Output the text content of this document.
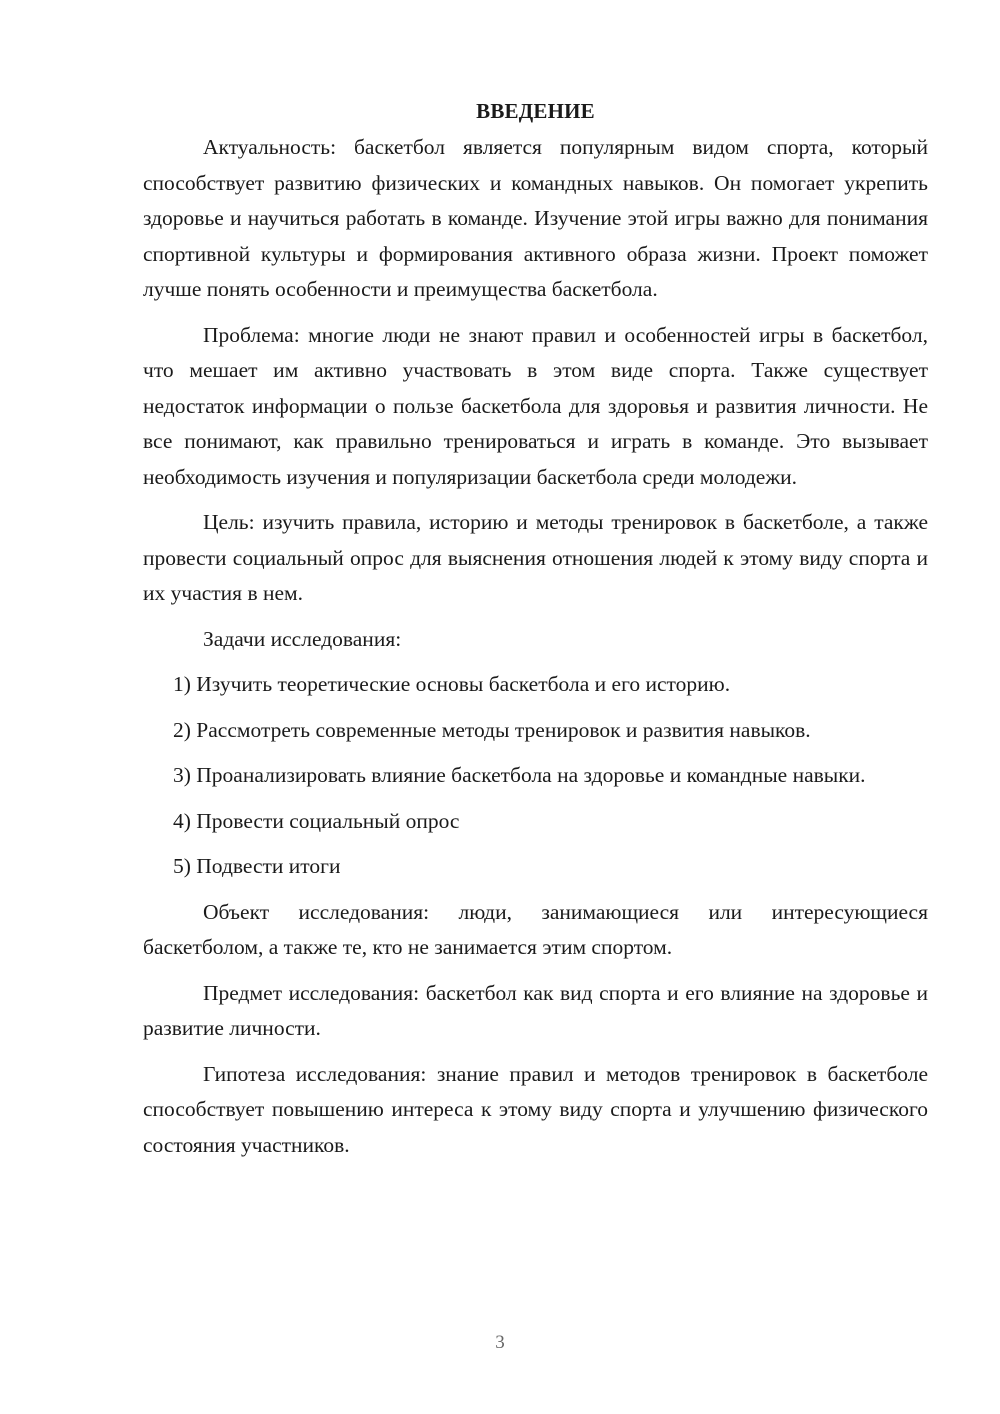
ВВЕДЕНИЕ

Актуальность: баскетбол является популярным видом спорта, который способствует развитию физических и командных навыков. Он помогает укрепить здоровье и научиться работать в команде. Изучение этой игры важно для понимания спортивной культуры и формирования активного образа жизни. Проект поможет лучше понять особенности и преимущества баскетбола.

Проблема: многие люди не знают правил и особенностей игры в баскетбол, что мешает им активно участвовать в этом виде спорта. Также существует недостаток информации о пользе баскетбола для здоровья и развития личности. Не все понимают, как правильно тренироваться и играть в команде. Это вызывает необходимость изучения и популяризации баскетбола среди молодежи.

Цель: изучить правила, историю и методы тренировок в баскетболе, а также провести социальный опрос для выяснения отношения людей к этому виду спорта и их участия в нем.

Задачи исследования:

1) Изучить теоретические основы баскетбола и его историю.

2) Рассмотреть современные методы тренировок и развития навыков.

3) Проанализировать влияние баскетбола на здоровье и командные навыки.

4) Провести социальный опрос

5) Подвести итоги

Объект исследования: люди, занимающиеся или интересующиеся баскетболом, а также те, кто не занимается этим спортом.

Предмет исследования: баскетбол как вид спорта и его влияние на здоровье и развитие личности.

Гипотеза исследования: знание правил и методов тренировок в баскетболе способствует повышению интереса к этому виду спорта и улучшению физического состояния участников.

3
